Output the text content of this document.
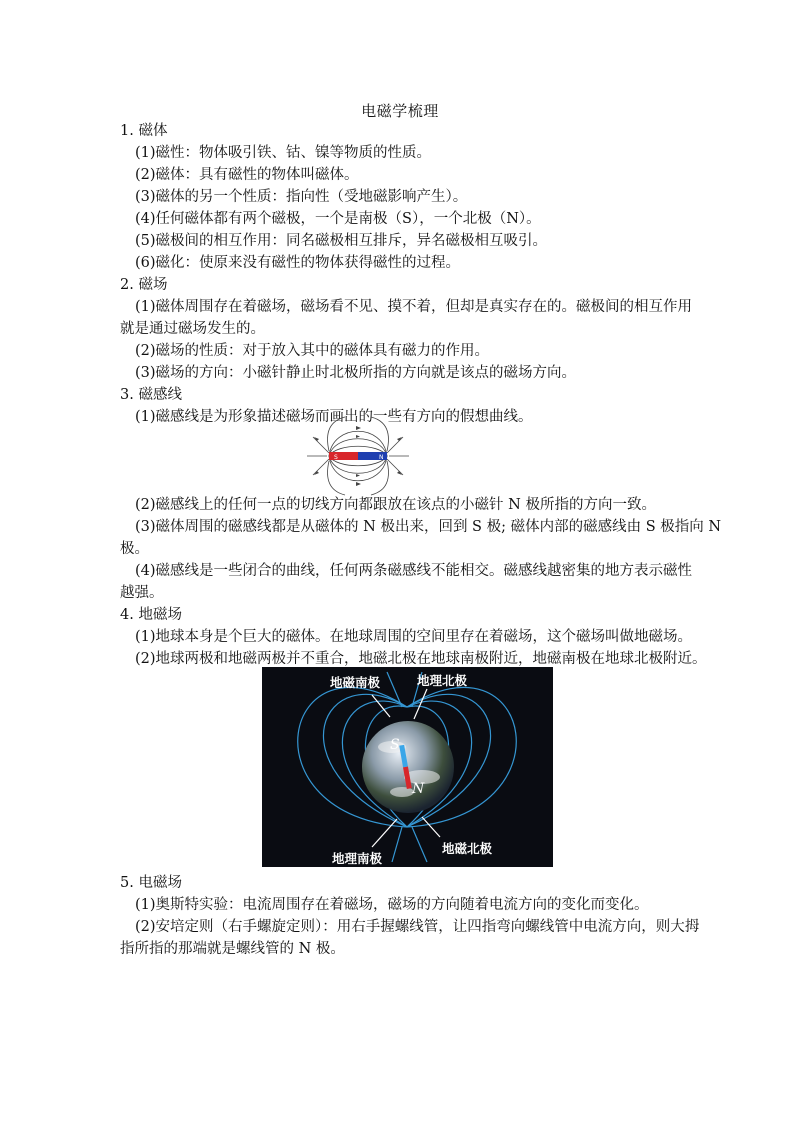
电磁学梳理
1. 磁体
(1)磁性：物体吸引铁、钴、镍等物质的性质。
(2)磁体：具有磁性的物体叫磁体。
(3)磁体的另一个性质：指向性（受地磁影响产生）。
(4)任何磁体都有两个磁极，一个是南极（S），一个北极（N）。
(5)磁极间的相互作用：同名磁极相互排斥，异名磁极相互吸引。
(6)磁化：使原来没有磁性的物体获得磁性的过程。
2. 磁场
(1)磁体周围存在着磁场，磁场看不见、摸不着，但却是真实存在的。磁极间的相互作用
就是通过磁场发生的。
(2)磁场的性质：对于放入其中的磁体具有磁力的作用。
(3)磁场的方向：小磁针静止时北极所指的方向就是该点的磁场方向。
3. 磁感线
(1)磁感线是为形象描述磁场而画出的一些有方向的假想曲线。
S	N
(2)磁感线上的任何一点的切线方向都跟放在该点的小磁针 N 极所指的方向一致。
(3)磁体周围的磁感线都是从磁体的 N 极出来，回到 S 极; 磁体内部的磁感线由 S 极指向 N
极。
(4)磁感线是一些闭合的曲线，任何两条磁感线不能相交。磁感线越密集的地方表示磁性
越强。
4. 地磁场
(1)地球本身是个巨大的磁体。在地球周围的空间里存在着磁场，这个磁场叫做地磁场。
(2)地球两极和地磁两极并不重合，地磁北极在地球南极附近，地磁南极在地球北极附近。
S
N
地磁南极	地理北极
地理南极
地磁北极
5. 电磁场
(1)奥斯特实验：电流周围存在着磁场，磁场的方向随着电流方向的变化而变化。
(2)安培定则（右手螺旋定则）：用右手握螺线管，让四指弯向螺线管中电流方向，则大拇
指所指的那端就是螺线管的 N 极。
